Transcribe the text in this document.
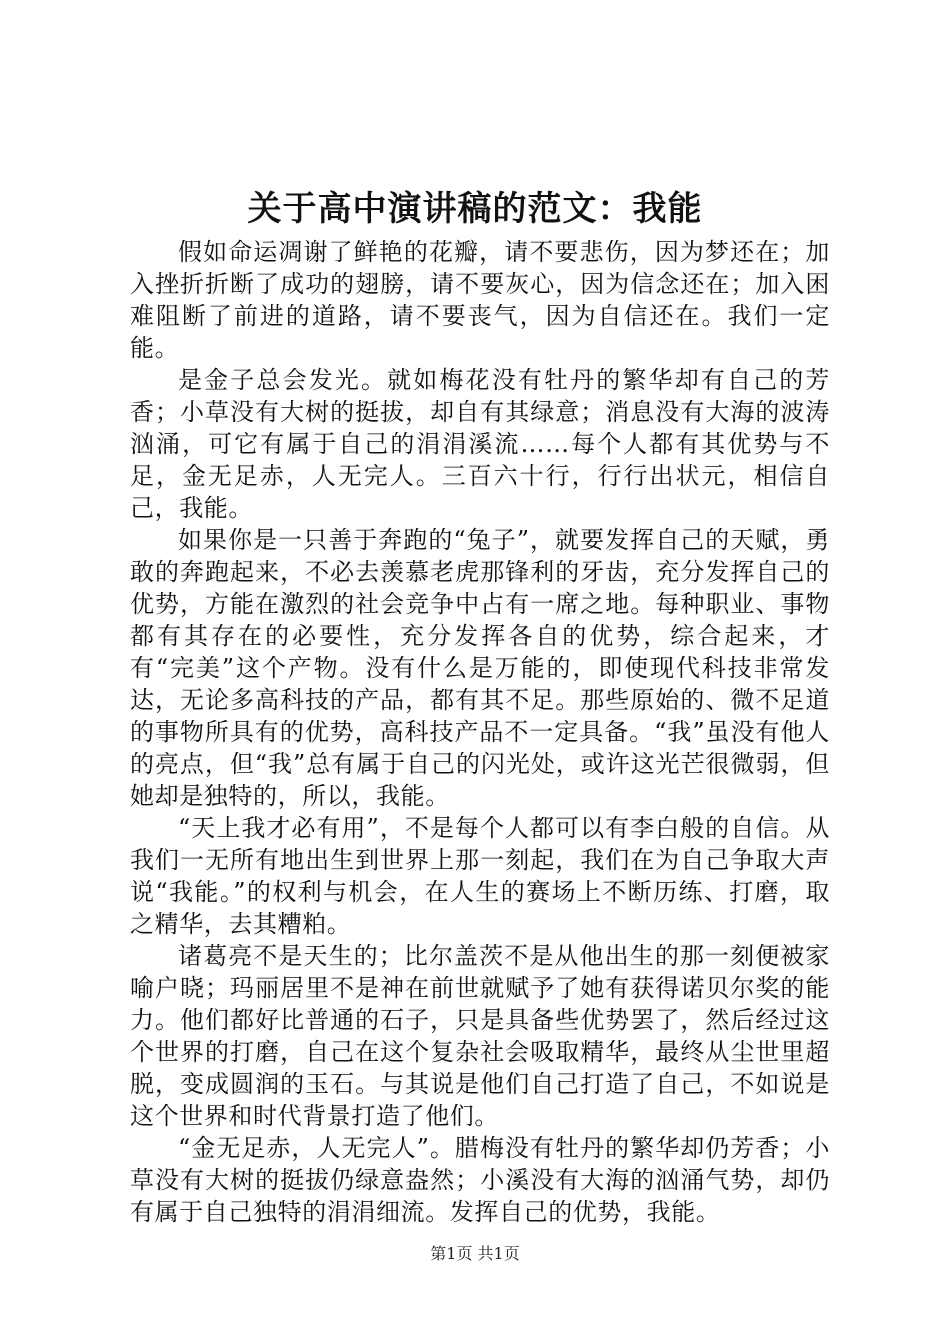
关于高中演讲稿的范文：我能

假如命运凋谢了鲜艳的花瓣，请不要悲伤，因为梦还在；加入挫折折断了成功的翅膀，请不要灰心，因为信念还在；加入困难阻断了前进的道路，请不要丧气，因为自信还在。我们一定能。

是金子总会发光。就如梅花没有牡丹的繁华却有自己的芳香；小草没有大树的挺拔，却自有其绿意；消息没有大海的波涛汹涌，可它有属于自己的涓涓溪流……每个人都有其优势与不足，金无足赤，人无完人。三百六十行，行行出状元，相信自己，我能。

如果你是一只善于奔跑的“兔子”，就要发挥自己的天赋，勇敢的奔跑起来，不必去羡慕老虎那锋利的牙齿，充分发挥自己的优势，方能在激烈的社会竞争中占有一席之地。每种职业、事物都有其存在的必要性，充分发挥各自的优势，综合起来，才有“完美”这个产物。没有什么是万能的，即使现代科技非常发达，无论多高科技的产品，都有其不足。那些原始的、微不足道的事物所具有的优势，高科技产品不一定具备。“我”虽没有他人的亮点，但“我”总有属于自己的闪光处，或许这光芒很微弱，但她却是独特的，所以，我能。

“天上我才必有用”，不是每个人都可以有李白般的自信。从我们一无所有地出生到世界上那一刻起，我们在为自己争取大声说“我能。”的权利与机会，在人生的赛场上不断历练、打磨，取之精华，去其糟粕。

诸葛亮不是天生的；比尔盖茨不是从他出生的那一刻便被家喻户晓；玛丽居里不是神在前世就赋予了她有获得诺贝尔奖的能力。他们都好比普通的石子，只是具备些优势罢了，然后经过这个世界的打磨，自己在这个复杂社会吸取精华，最终从尘世里超脱，变成圆润的玉石。与其说是他们自己打造了自己，不如说是这个世界和时代背景打造了他们。

“金无足赤，人无完人”。腊梅没有牡丹的繁华却仍芳香；小草没有大树的挺拔仍绿意盎然；小溪没有大海的汹涌气势，却仍有属于自己独特的涓涓细流。发挥自己的优势，我能。

第1页 共1页
